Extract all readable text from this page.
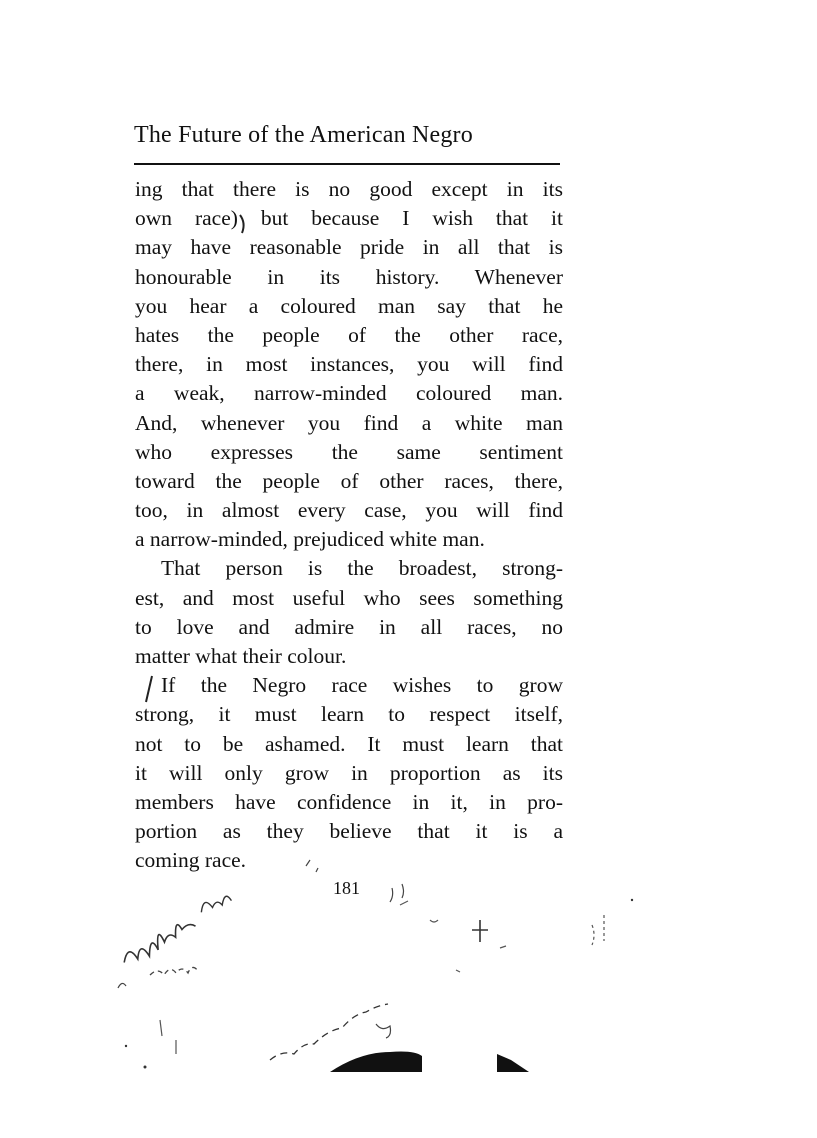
The Future of the American Negro
ing that there is no good except in its
own race) but because I wish that it
may have reasonable pride in all that is
honourable in its history. Whenever
you hear a coloured man say that he
hates the people of the other race,
there, in most instances, you will find
a weak, narrow-minded coloured man.
And, whenever you find a white man
who expresses the same sentiment
toward the people of other races, there,
too, in almost every case, you will find
a narrow-minded, prejudiced white man.
That person is the broadest, strong-
est, and most useful who sees something
to love and admire in all races, no
matter what their colour.
If the Negro race wishes to grow
strong, it must learn to respect itself,
not to be ashamed. It must learn that
it will only grow in proportion as its
members have confidence in it, in pro-
portion as they believe that it is a
coming race.
181
